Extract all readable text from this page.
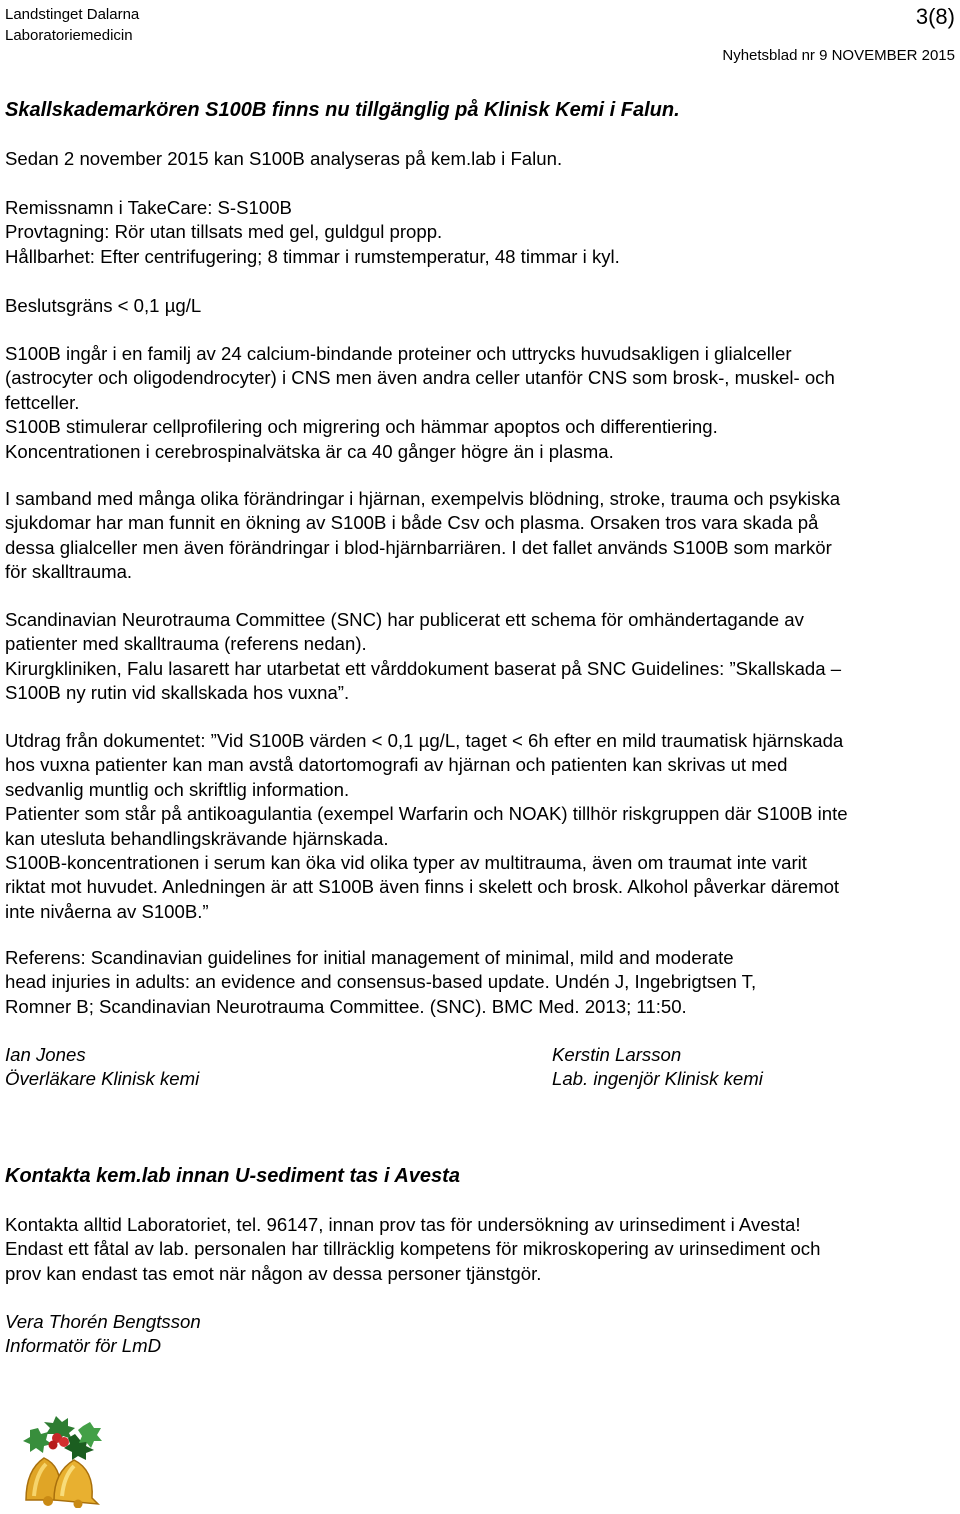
Landstinget Dalarna
Laboratoriemedicin
3(8)
Nyhetsblad nr 9 NOVEMBER 2015
Skallskademarkören S100B finns nu tillgänglig på Klinisk Kemi i Falun.

Sedan 2 november 2015 kan S100B analyseras på kem.lab i Falun.

Remissnamn i TakeCare: S-S100B
Provtagning: Rör utan tillsats med gel, guldgul propp.
Hållbarhet: Efter centrifugering; 8 timmar i rumstemperatur, 48 timmar i kyl.

Beslutsgräns < 0,1 µg/L

S100B ingår i en familj av 24 calcium-bindande proteiner och uttrycks huvudsakligen i glialceller
(astrocyter och oligodendrocyter) i CNS men även andra celler utanför CNS som brosk-, muskel- och
fettceller.
S100B stimulerar cellprofilering och migrering och hämmar apoptos och differentiering.
Koncentrationen i cerebrospinalvätska är ca 40 gånger högre än i plasma.
I samband med många olika förändringar i hjärnan, exempelvis blödning, stroke, trauma och psykiska
sjukdomar har man funnit en ökning av S100B i både Csv och plasma. Orsaken tros vara skada på
dessa glialceller men även förändringar i blod-hjärnbarriären. I det fallet används S100B som markör
för skalltrauma.
Scandinavian Neurotrauma Committee (SNC) har publicerat ett schema för omhändertagande av
patienter med skalltrauma (referens nedan).
Kirurgkliniken, Falu lasarett har utarbetat ett vårddokument baserat på SNC Guidelines: ”Skallskada –
S100B ny rutin vid skallskada hos vuxna”.
Utdrag från dokumentet: ”Vid S100B värden < 0,1 µg/L, taget < 6h efter en mild traumatisk hjärnskada
hos vuxna patienter kan man avstå datortomografi av hjärnan och patienten kan skrivas ut med
sedvanlig muntlig och skriftlig information.
Patienter som står på antikoagulantia (exempel Warfarin och NOAK) tillhör riskgruppen där S100B inte
kan utesluta behandlingskrävande hjärnskada.
S100B-koncentrationen i serum kan öka vid olika typer av multitrauma, även om traumat inte varit
riktat mot huvudet. Anledningen är att S100B även finns i skelett och brosk. Alkohol påverkar däremot
inte nivåerna av S100B.”
Referens: Scandinavian guidelines for initial management of minimal, mild and moderate
head injuries in adults: an evidence and consensus-based update. Undén J, Ingebrigtsen T,
Romner B; Scandinavian Neurotrauma Committee. (SNC). BMC Med. 2013; 11:50.
Ian Jones
Överläkare Klinisk kemi
Kerstin Larsson
Lab. ingenjör Klinisk kemi
Kontakta kem.lab innan U-sediment tas i Avesta
Kontakta alltid Laboratoriet, tel. 96147, innan prov tas för undersökning av urinsediment i Avesta!
Endast ett fåtal av lab. personalen har tillräcklig kompetens för mikroskopering av urinsediment och
prov kan endast tas emot när någon av dessa personer tjänstgör.
Vera Thorén Bengtsson
Informatör för LmD
